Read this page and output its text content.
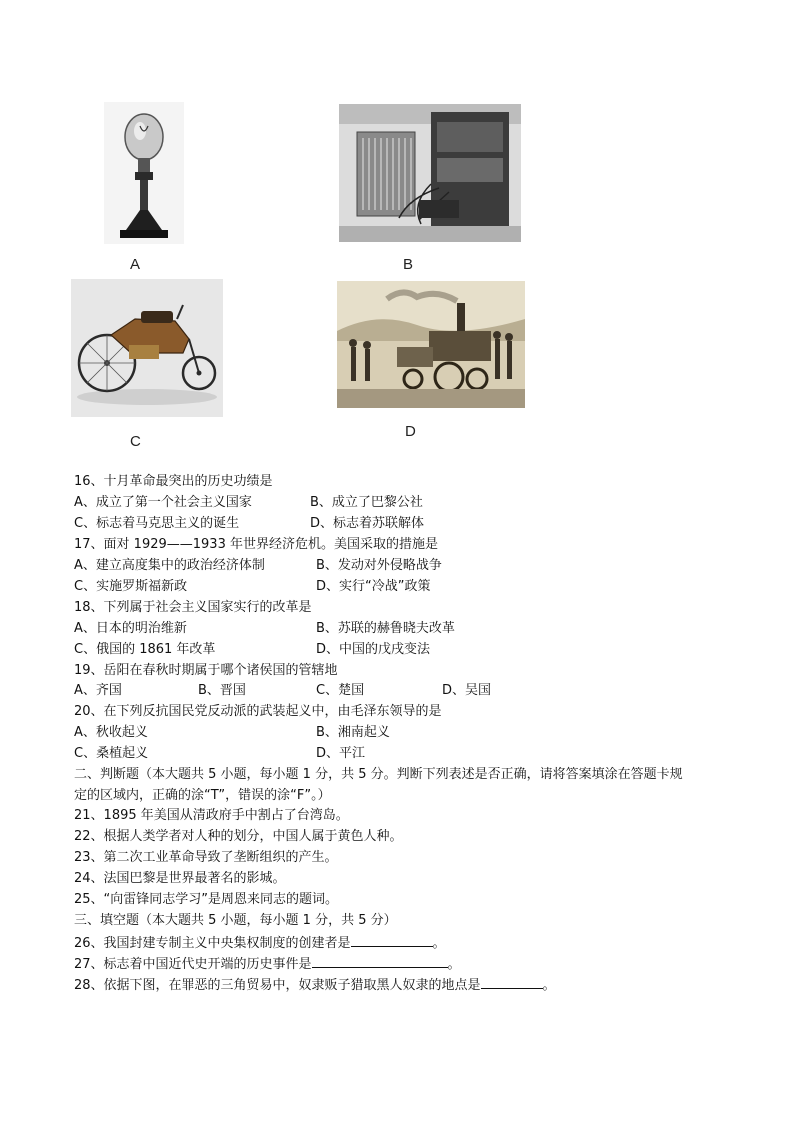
A	B
C
D
16、十月革命最突出的历史功绩是
A、成立了第一个社会主义国家	B、成立了巴黎公社
C、标志着马克思主义的诞生	D、标志着苏联解体
17、面对 1929——1933 年世界经济危机。美国采取的措施是
A、建立高度集中的政治经济体制	B、发动对外侵略战争
C、实施罗斯福新政	D、实行“冷战”政策
18、下列属于社会主义国家实行的改革是
A、日本的明治维新	B、苏联的赫鲁晓夫改革
C、俄国的 1861 年改革	D、中国的戊戌变法
19、岳阳在春秋时期属于哪个诸侯国的管辖地
A、齐国	B、晋国	C、楚国	D、吴国
20、在下列反抗国民党反动派的武装起义中，由毛泽东领导的是
A、秋收起义	B、湘南起义
C、桑植起义	D、平江
二、判断题（本大题共 5 小题，每小题 1 分，共 5 分。判断下列表述是否正确，请将答案填涂在答题卡规
定的区域内，正确的涂“T”，错误的涂“F”。）
21、1895 年美国从清政府手中割占了台湾岛。
22、根据人类学者对人种的划分，中国人属于黄色人种。
23、第二次工业革命导致了垄断组织的产生。
24、法国巴黎是世界最著名的影城。
25、“向雷锋同志学习”是周恩来同志的题词。
三、填空题（本大题共 5 小题，每小题 1 分，共 5 分）
26、我国封建专制主义中央集权制度的创建者是	。
27、标志着中国近代史开端的历史事件是	。
28、依据下图，在罪恶的三角贸易中，奴隶贩子猎取黑人奴隶的地点是	。
